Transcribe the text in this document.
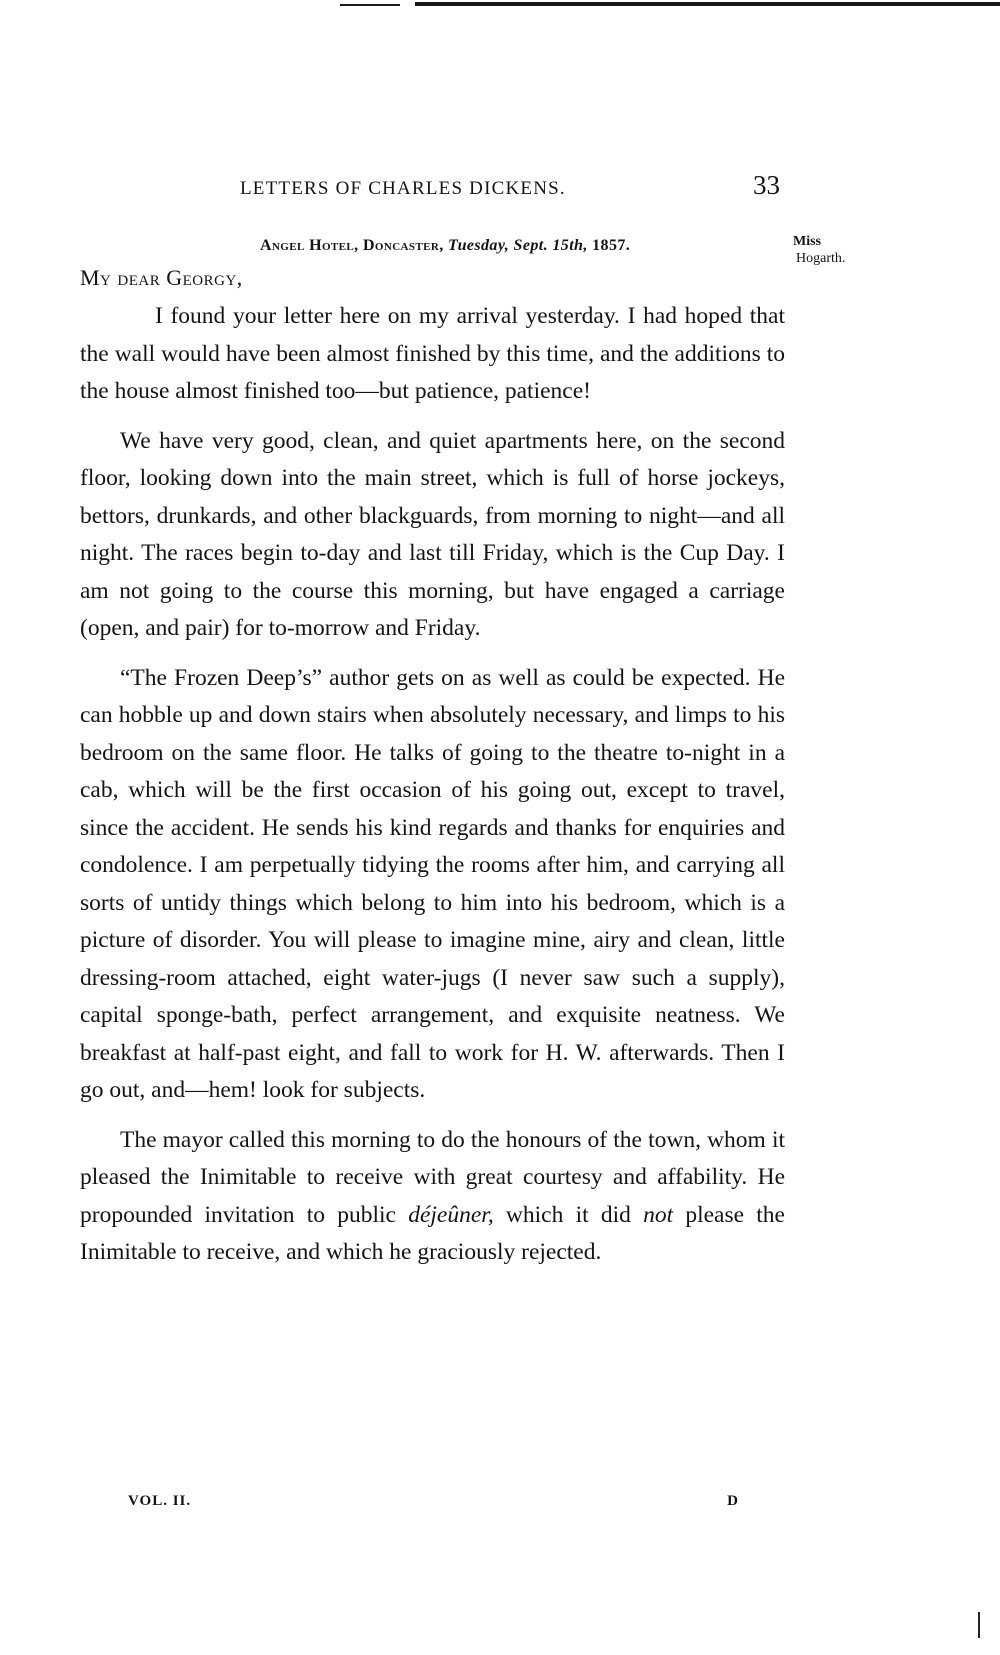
LETTERS OF CHARLES DICKENS.	33
Angel Hotel, Doncaster, Tuesday, Sept. 15th, 1857.	Miss
Hogarth.
My dear Georgy,

I found your letter here on my arrival yesterday. I had hoped that the wall would have been almost finished by this time, and the additions to the house almost finished too—but patience, patience!

We have very good, clean, and quiet apartments here, on the second floor, looking down into the main street, which is full of horse jockeys, bettors, drunkards, and other blackguards, from morning to night—and all night. The races begin to-day and last till Friday, which is the Cup Day. I am not going to the course this morning, but have engaged a carriage (open, and pair) for to-morrow and Friday.

“The Frozen Deep’s” author gets on as well as could be expected. He can hobble up and down stairs when absolutely necessary, and limps to his bedroom on the same floor. He talks of going to the theatre to-night in a cab, which will be the first occasion of his going out, except to travel, since the accident. He sends his kind regards and thanks for enquiries and condolence. I am perpetually tidying the rooms after him, and carrying all sorts of untidy things which belong to him into his bedroom, which is a picture of disorder. You will please to imagine mine, airy and clean, little dressing-room attached, eight water-jugs (I never saw such a supply), capital sponge-bath, perfect arrangement, and exquisite neatness. We breakfast at half-past eight, and fall to work for H. W. afterwards. Then I go out, and—hem! look for subjects.

The mayor called this morning to do the honours of the town, whom it pleased the Inimitable to receive with great courtesy and affability. He propounded invitation to public déjeûner, which it did not please the Inimitable to receive, and which he graciously rejected.

VOL. II.	D
